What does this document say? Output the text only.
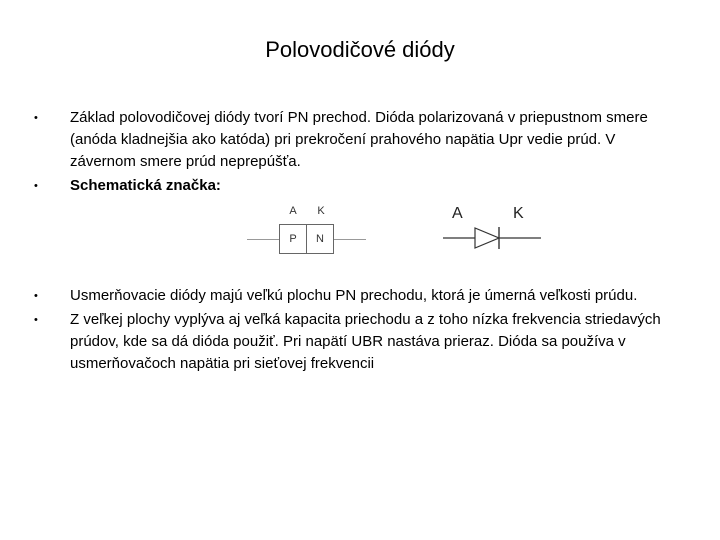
Polovodičové diódy
•	Základ polovodičovej diódy tvorí PN prechod. Dióda polarizovaná v priepustnom smere (anóda kladnejšia ako katóda) pri prekročení prahového napätia Upr vedie prúd. V závernom smere prúd neprepúšťa.
•	Schematická značka:
A	K
P	N
A	K
•	Usmerňovacie diódy majú veľkú plochu PN prechodu, ktorá je úmerná veľkosti prúdu.
•	Z veľkej plochy vyplýva aj veľká kapacita priechodu a z toho nízka frekvencia striedavých prúdov, kde sa dá dióda použiť. Pri napätí UBR nastáva prieraz. Dióda sa používa v usmerňovačoch napätia pri sieťovej frekvencii
